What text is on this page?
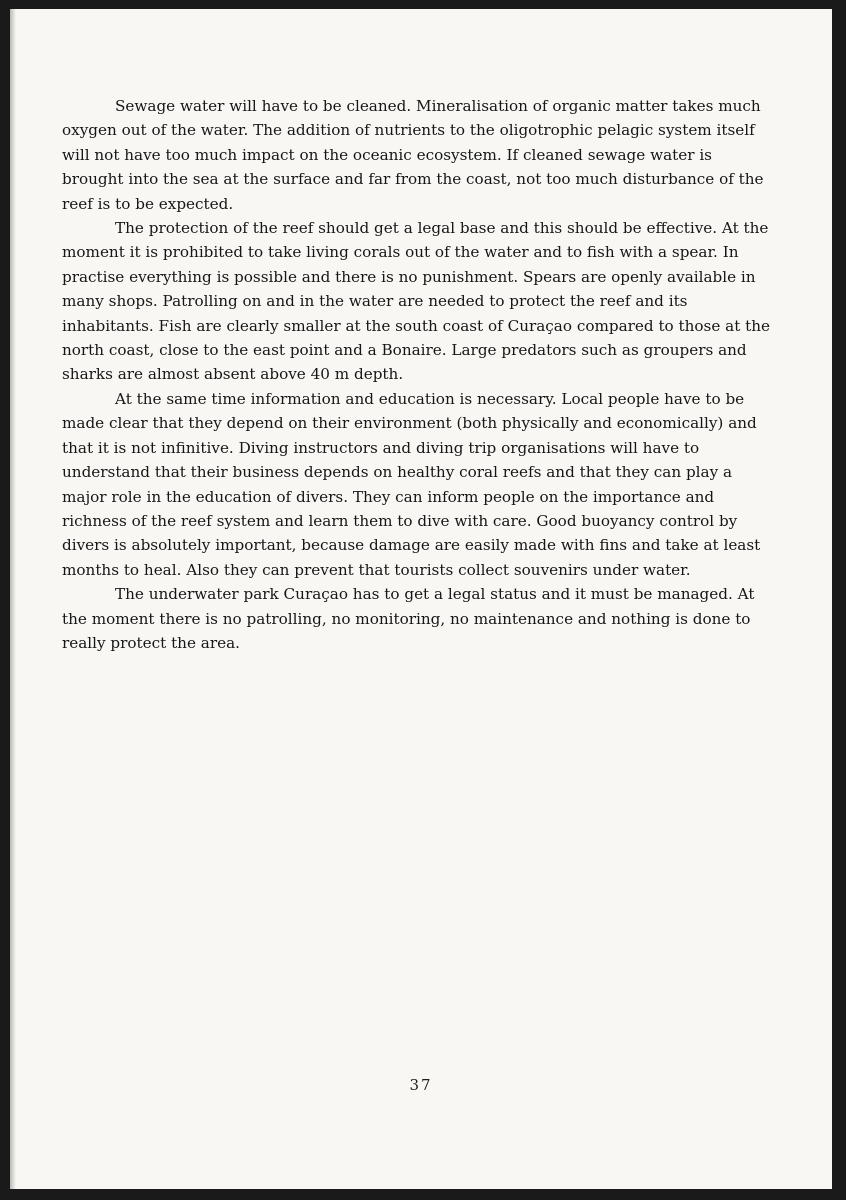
Sewage water will have to be cleaned. Mineralisation of organic matter takes much oxygen out of the water. The addition of nutrients to the oligotrophic pelagic system itself will not have too much impact on the oceanic ecosystem. If cleaned sewage water is brought into the sea at the surface and far from the coast, not too much disturbance of the reef is to be expected.

The protection of the reef should get a legal base and this should be effective. At the moment it is prohibited to take living corals out of the water and to fish with a spear. In practise everything is possible and there is no punishment. Spears are openly available in many shops. Patrolling on and in the water are needed to protect the reef and its inhabitants. Fish are clearly smaller at the south coast of Curaçao compared to those at the north coast, close to the east point and a Bonaire. Large predators such as groupers and sharks are almost absent above 40 m depth.

At the same time information and education is necessary. Local people have to be made clear that they depend on their environment (both physically and economically) and that it is not infinitive. Diving instructors and diving trip organisations will have to understand that their business depends on healthy coral reefs and that they can play a major role in the education of divers. They can inform people on the importance and richness of the reef system and learn them to dive with care. Good buoyancy control by divers is absolutely important, because damage are easily made with fins and take at least months to heal. Also they can prevent that tourists collect souvenirs under water.

The underwater park Curaçao has to get a legal status and it must be managed. At the moment there is no patrolling, no monitoring, no maintenance and nothing is done to really protect the area.

37
